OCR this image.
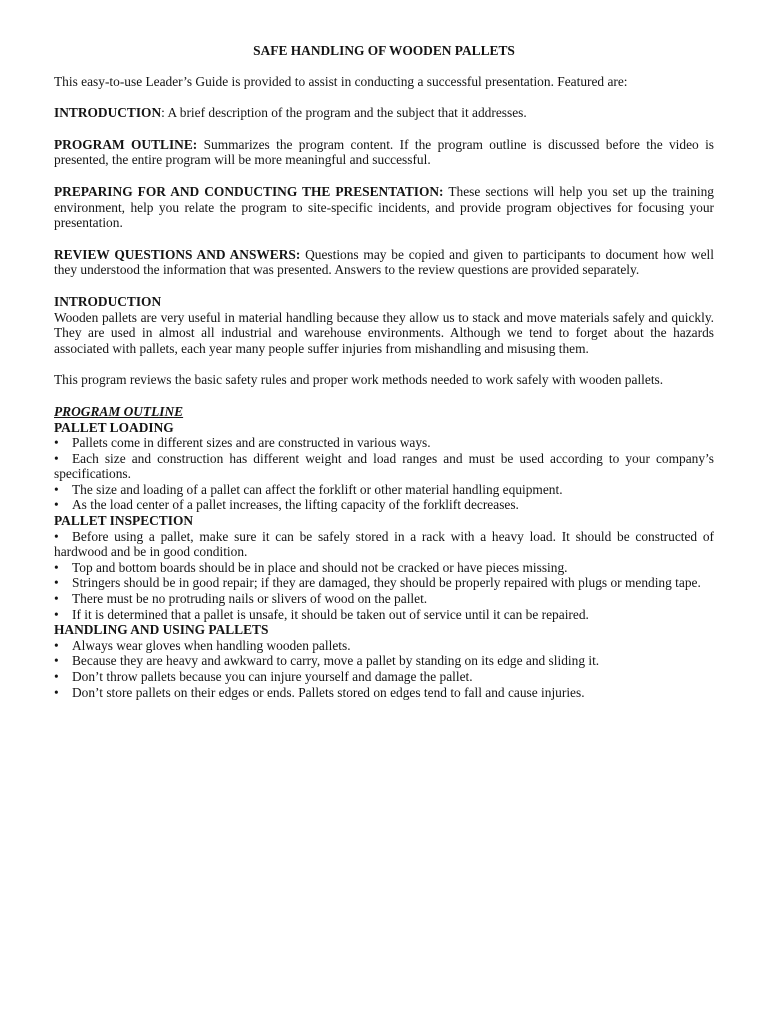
SAFE HANDLING OF WOODEN PALLETS

This easy-to-use Leader’s Guide is provided to assist in conducting a successful presentation. Featured are:

INTRODUCTION: A brief description of the program and the subject that it addresses.

PROGRAM OUTLINE: Summarizes the program content. If the program outline is discussed before the video is presented, the entire program will be more meaningful and successful.

PREPARING FOR AND CONDUCTING THE PRESENTATION: These sections will help you set up the training environment, help you relate the program to site-specific incidents, and provide program objectives for focusing your presentation.

REVIEW QUESTIONS AND ANSWERS: Questions may be copied and given to participants to document how well they understood the information that was presented. Answers to the review questions are provided separately.

INTRODUCTION

Wooden pallets are very useful in material handling because they allow us to stack and move materials safely and quickly. They are used in almost all industrial and warehouse environments. Although we tend to forget about the hazards associated with pallets, each year many people suffer injuries from mishandling and misusing them.

This program reviews the basic safety rules and proper work methods needed to work safely with wooden pallets.

PROGRAM OUTLINE

PALLET LOADING

• Pallets come in different sizes and are constructed in various ways.

• Each size and construction has different weight and load ranges and must be used according to your company’s specifications.

• The size and loading of a pallet can affect the forklift or other material handling equipment.

• As the load center of a pallet increases, the lifting capacity of the forklift decreases.

PALLET INSPECTION

• Before using a pallet, make sure it can be safely stored in a rack with a heavy load. It should be constructed of hardwood and be in good condition.

• Top and bottom boards should be in place and should not be cracked or have pieces missing.

• Stringers should be in good repair; if they are damaged, they should be properly repaired with plugs or mending tape.

• There must be no protruding nails or slivers of wood on the pallet.

• If it is determined that a pallet is unsafe, it should be taken out of service until it can be repaired.

HANDLING AND USING PALLETS

• Always wear gloves when handling wooden pallets.

• Because they are heavy and awkward to carry, move a pallet by standing on its edge and sliding it.

• Don’t throw pallets because you can injure yourself and damage the pallet.

• Don’t store pallets on their edges or ends. Pallets stored on edges tend to fall and cause injuries.
